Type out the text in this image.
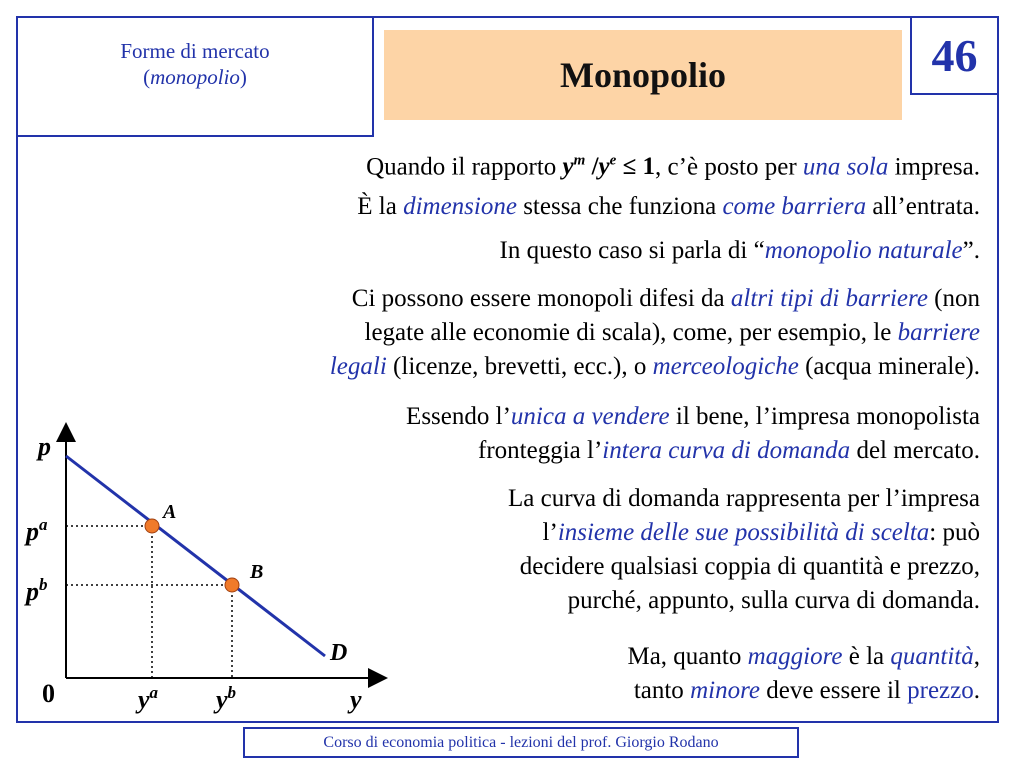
Forme di mercato
(monopolio)	Monopolio	46
Quando il rapporto $y^m$ $/y^e \le 1$, c’è posto per una sola impresa.
È la dimensione stessa che funziona come barriera all’entrata.
In questo caso si parla di “monopolio naturale”.
Ci possono essere monopoli difesi da altri tipi di barriere (non
legate alle economie di scala), come, per esempio, le barriere
legali (licenze, brevetti, ecc.), o merceologiche (acqua minerale).
Essendo l’unica a vendere il bene, l’impresa monopolista
fronteggia l’intera curva di domanda del mercato.
La curva di domanda rappresenta per l’impresa
l’insieme delle sue possibilità di scelta: può
decidere qualsiasi coppia di quantità e prezzo,
purché, appunto, sulla curva di domanda.
Ma, quanto maggiore è la quantità,
tanto minore deve essere il prezzo.
p
y
0
D
A
B
$p^a$
$p^b$
$y^a$ $y^b$
Corso di economia politica - lezioni del prof. Giorgio Rodano
